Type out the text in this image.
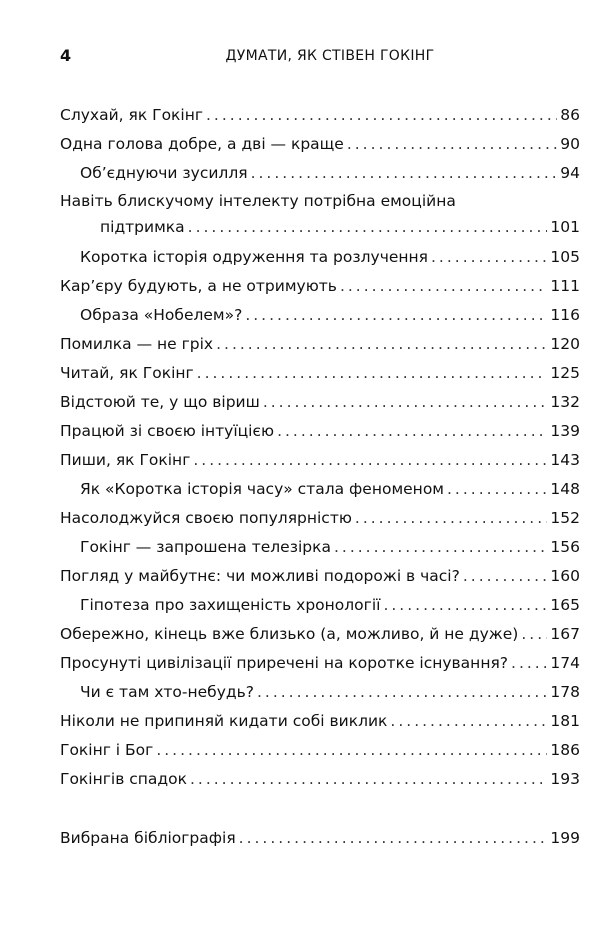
4	ДУМАТИ, ЯК СТІВЕН ГОКІНГ
Слухай, як Гокінг .....	86
Одна голова добре, а дві — краще .....	90
Об’єднуючи зусилля .....	94
Навіть блискучому інтелекту потрібна емоційна
підтримка .....	101
Коротка історія одруження та розлучення .....	105
Кар’єру будують, а не отримують .....	111
Образа «Нобелем»? .....	116
Помилка — не гріх .....	120
Читай, як Гокінг .....	125
Відстоюй те, у що віриш .....	132
Працюй зі своєю інтуїцією .....	139
Пиши, як Гокінг .....	143
Як «Коротка історія часу» стала феноменом .....	148
Насолоджуйся своєю популярністю .....	152
Гокінг — запрошена телезірка .....	156
Погляд у майбутнє: чи можливі подорожі в часі? .....	160
Гіпотеза про захищеність хронології .....	165
Обережно, кінець вже близько (а, можливо, й не дуже) ..... 167
Просунуті цивілізації приречені на коротке існування? .....	174
Чи є там хто-небудь? .....	178
Ніколи не припиняй кидати собі виклик .....	181
Гокінг і Бог .....	186
Гокінгів спадок .....	193
Вибрана бібліографія .....	199
